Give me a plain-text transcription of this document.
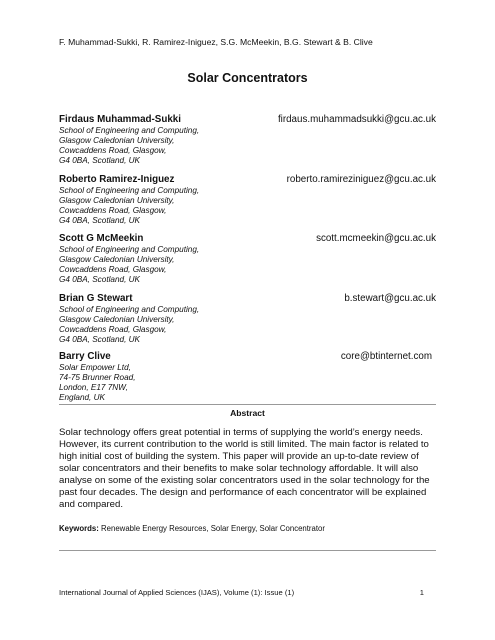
F. Muhammad-Sukki, R. Ramirez-Iniguez, S.G. McMeekin, B.G. Stewart & B. Clive
Solar Concentrators
Firdaus Muhammad-Sukki	firdaus.muhammadsukki@gcu.ac.uk
School of Engineering and Computing,
Glasgow Caledonian University,
Cowcaddens Road, Glasgow,
G4 0BA, Scotland, UK
Roberto Ramirez-Iniguez	roberto.ramireziniguez@gcu.ac.uk
School of Engineering and Computing,
Glasgow Caledonian University,
Cowcaddens Road, Glasgow,
G4 0BA, Scotland, UK
Scott G McMeekin	scott.mcmeekin@gcu.ac.uk
School of Engineering and Computing,
Glasgow Caledonian University,
Cowcaddens Road, Glasgow,
G4 0BA, Scotland, UK
Brian G Stewart	b.stewart@gcu.ac.uk
School of Engineering and Computing,
Glasgow Caledonian University,
Cowcaddens Road, Glasgow,
G4 0BA, Scotland, UK
Barry Clive	core@btinternet.com
Solar Empower Ltd,
74-75 Brunner Road,
London, E17 7NW,
England, UK
Abstract
Solar technology offers great potential in terms of supplying the world’s energy needs. However, its current contribution to the world is still limited. The main factor is related to high initial cost of building the system. This paper will provide an up-to-date review of solar concentrators and their benefits to make solar technology affordable. It will also analyse on some of the existing solar concentrators used in the solar technology for the past four decades. The design and performance of each concentrator will be explained and compared.
Keywords: Renewable Energy Resources, Solar Energy, Solar Concentrator
International Journal of Applied Sciences (IJAS), Volume (1): Issue (1)	1
